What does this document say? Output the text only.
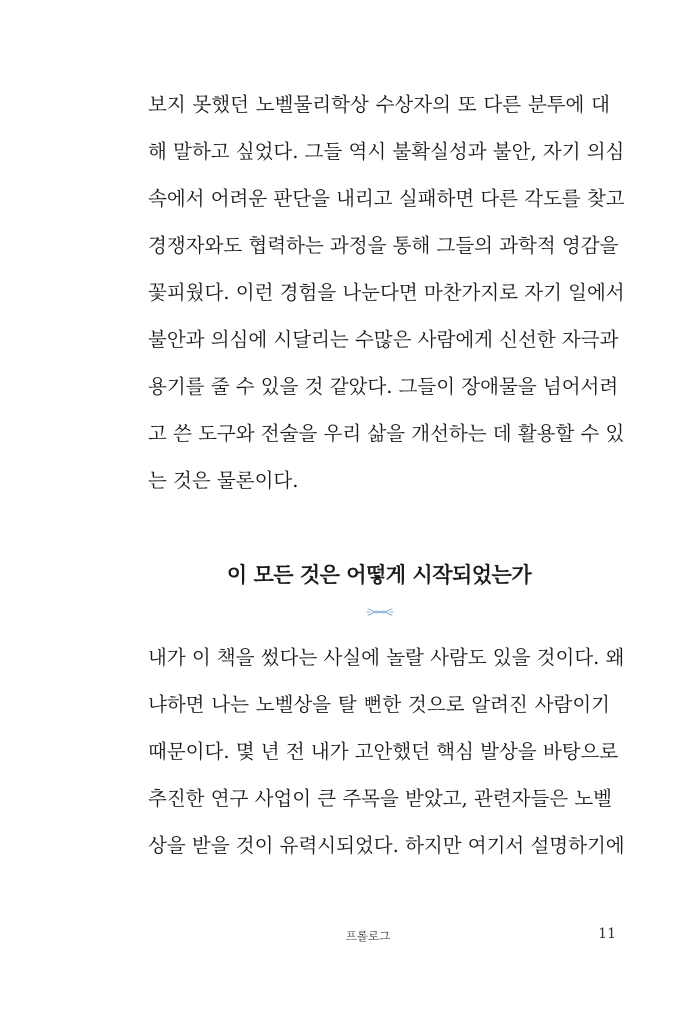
보지 못했던 노벨물리학상 수상자의 또 다른 분투에 대
해 말하고 싶었다. 그들 역시 불확실성과 불안, 자기 의심
속에서 어려운 판단을 내리고 실패하면 다른 각도를 찾고
경쟁자와도 협력하는 과정을 통해 그들의 과학적 영감을
꽃피웠다. 이런 경험을 나눈다면 마찬가지로 자기 일에서
불안과 의심에 시달리는 수많은 사람에게 신선한 자극과
용기를 줄 수 있을 것 같았다. 그들이 장애물을 넘어서려
고 쓴 도구와 전술을 우리 삶을 개선하는 데 활용할 수 있
는 것은 물론이다.
이 모든 것은 어떻게 시작되었는가
내가 이 책을 썼다는 사실에 놀랄 사람도 있을 것이다. 왜
냐하면 나는 노벨상을 탈 뻔한 것으로 알려진 사람이기
때문이다. 몇 년 전 내가 고안했던 핵심 발상을 바탕으로
추진한 연구 사업이 큰 주목을 받았고, 관련자들은 노벨
상을 받을 것이 유력시되었다. 하지만 여기서 설명하기에
프롤로그	11
